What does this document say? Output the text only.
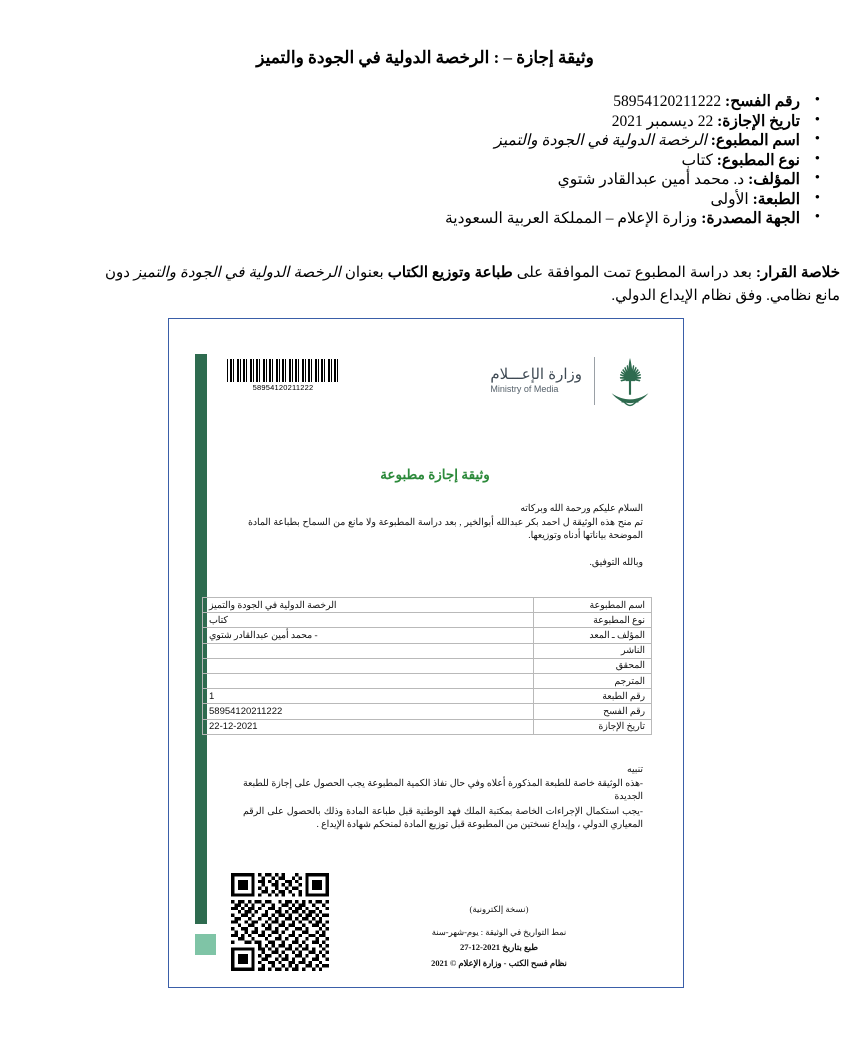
وثيقة إجازة – : الرخصة الدولية في الجودة والتميز
• رقم الفسح: 58954120211222
• تاريخ الإجازة: 22 ديسمبر 2021
• اسم المطبوع: الرخصة الدولية في الجودة والتميز
• نوع المطبوع: كتاب
• المؤلف: د. محمد أمين عبدالقادر شتوي
• الطبعة: الأولى
• الجهة المصدرة: وزارة الإعلام – المملكة العربية السعودية
خلاصة القرار: بعد دراسة المطبوع تمت الموافقة على طباعة وتوزيع الكتاب بعنوان الرخصة الدولية في الجودة والتميز دون مانع نظامي. وفق نظام الإيداع الدولي.
58954120211222
وزارة الإعـــلام
Ministry of Media
وثيقة إجازة مطبوعة
السلام عليكم ورحمة الله وبركاته
تم منح هذه الوثيقة ل احمد بكر عبدالله أبوالخير , بعد دراسة المطبوعة ولا مانع من السماح بطباعة المادة الموضحة بياناتها أدناه وتوزيعها.
وبالله التوفيق.
اسم المطبوعة	الرخصة الدولية في الجودة والتميز
نوع المطبوعة	كتاب
المؤلف ـ المعد	- محمد أمين عبدالقادر شتوي
الناشر	
المحقق	
المترجم	
رقم الطبعة	1
رقم الفسح	58954120211222
تاريخ الإجازة	22-12-2021

تنبيه

-هذه الوثيقة خاصة للطبعة المذكورة أعلاه وفي حال نفاذ الكمية المطبوعة يجب الحصول على إجازة للطبعة الجديدة

-يجب استكمال الإجراءات الخاصة بمكتبة الملك فهد الوطنية قبل طباعة المادة وذلك بالحصول على الرقم المعياري الدولي ، وإيداع نسختين من المطبوعة قبل توزيع المادة لمنحكم شهادة الإيداع .

(نسخة إلكترونية)
نمط التواريخ في الوثيقة : يوم-شهر-سنة
طبع بتاريخ 2021-12-27
نظام فسح الكتب - وزارة الإعلام © 2021
